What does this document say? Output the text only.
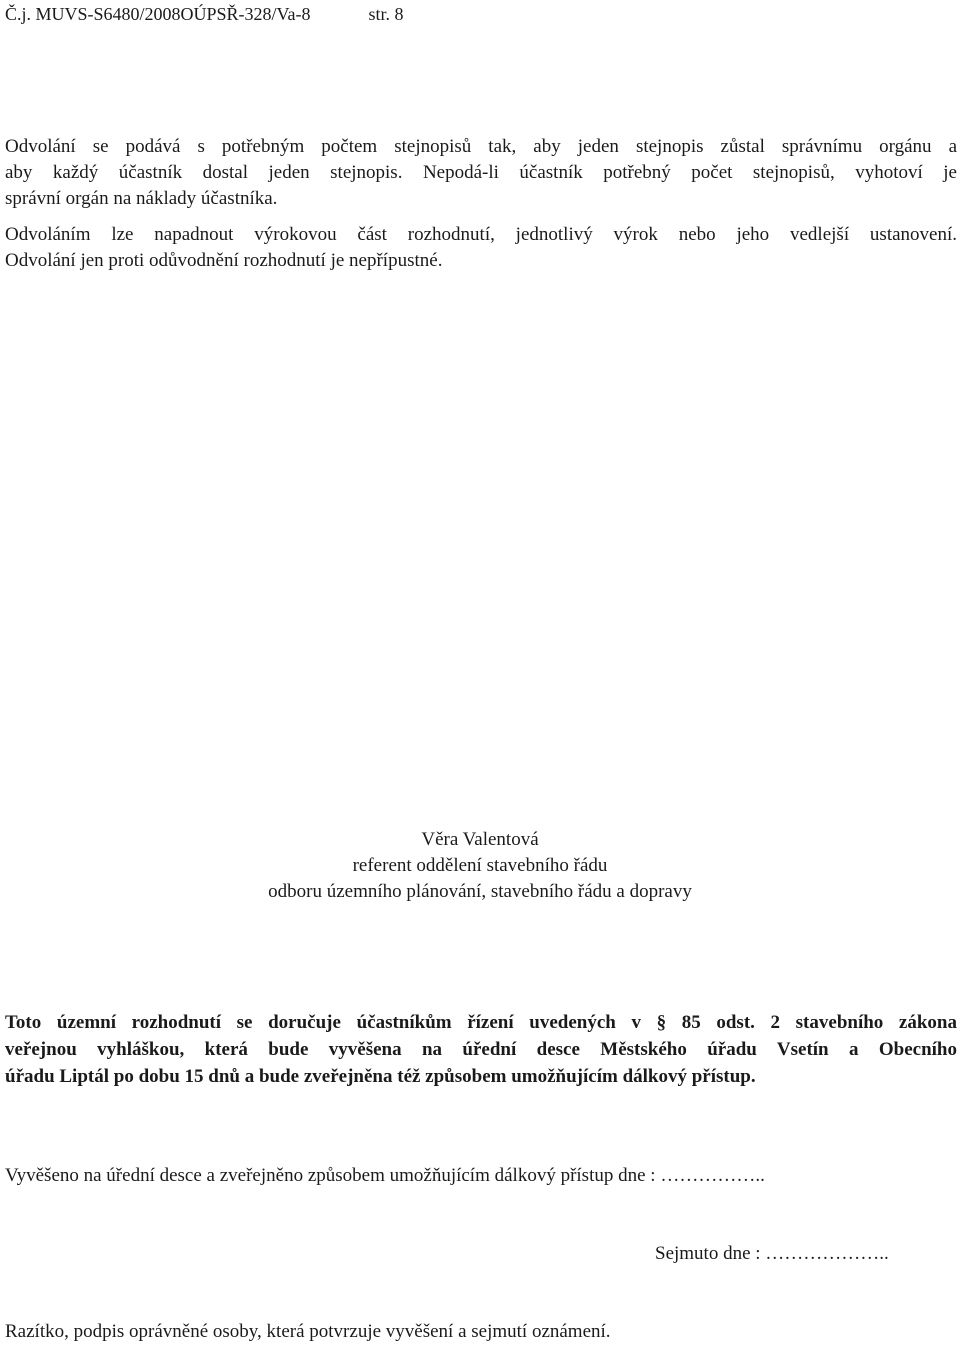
Č.j. MUVS-S6480/2008OÚPSŘ-328/Va-8	str. 8
Odvolání se podává s potřebným počtem stejnopisů tak, aby jeden stejnopis zůstal správnímu orgánu a
aby každý účastník dostal jeden stejnopis. Nepodá-li účastník potřebný počet stejnopisů, vyhotoví je
správní orgán na náklady účastníka.
Odvoláním lze napadnout výrokovou část rozhodnutí, jednotlivý výrok nebo jeho vedlejší ustanovení.
Odvolání jen proti odůvodnění rozhodnutí je nepřípustné.
Věra Valentová
referent oddělení stavebního řádu
odboru územního plánování, stavebního řádu a dopravy
Toto územní rozhodnutí se doručuje účastníkům řízení uvedených v § 85 odst. 2 stavebního zákona
veřejnou vyhláškou, která bude vyvěšena na úřední desce Městského úřadu Vsetín a Obecního
úřadu Liptál po dobu 15 dnů a bude zveřejněna též způsobem umožňujícím dálkový přístup.
Vyvěšeno na úřední desce a zveřejněno způsobem umožňujícím dálkový přístup dne : ……………..
Sejmuto dne : ………………..
Razítko, podpis oprávněné osoby, která potvrzuje vyvěšení a sejmutí oznámení.
